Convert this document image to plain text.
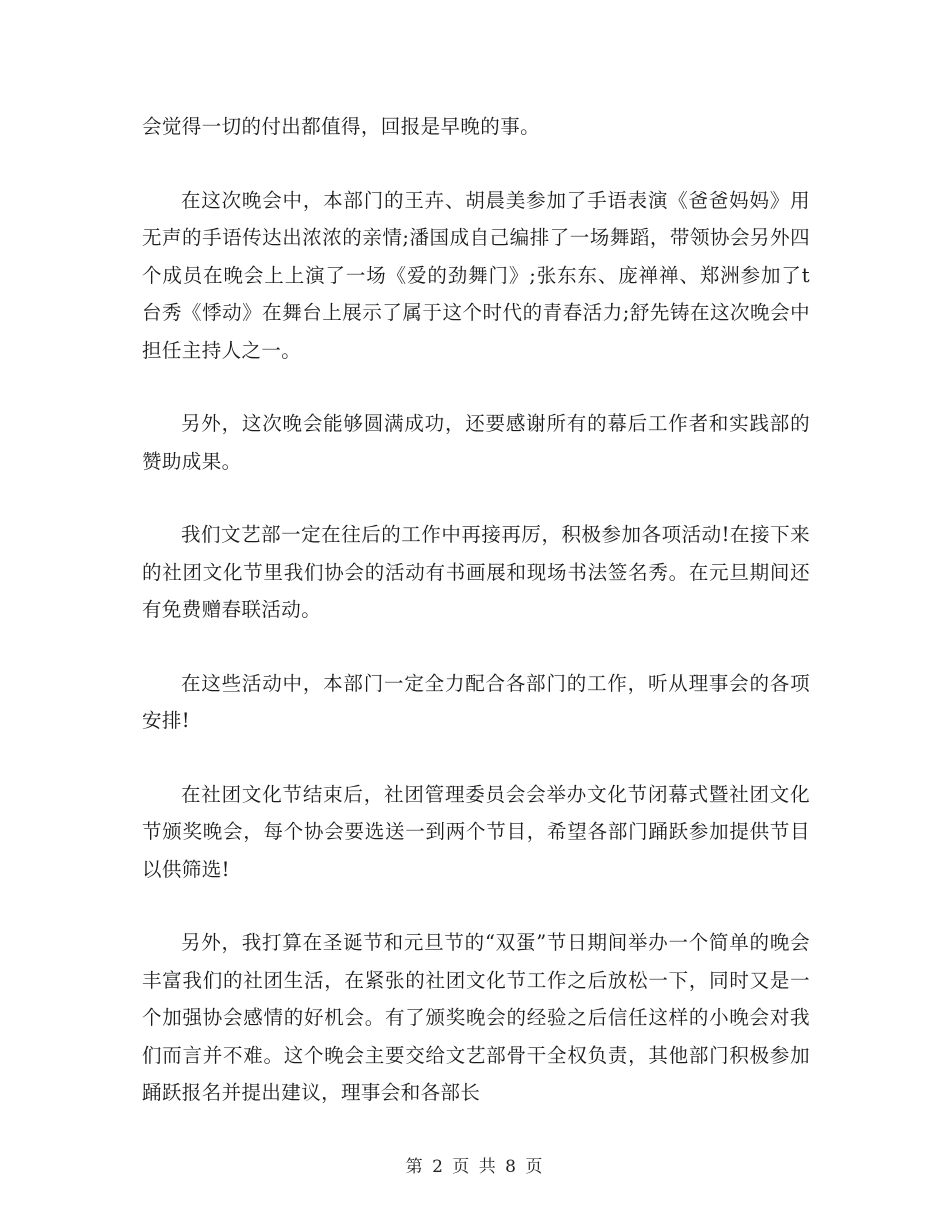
会觉得一切的付出都值得，回报是早晚的事。

在这次晚会中，本部门的王卉、胡晨美参加了手语表演《爸爸妈妈》用无声的手语传达出浓浓的亲情;潘国成自己编排了一场舞蹈，带领协会另外四个成员在晚会上上演了一场《爱的劲舞门》;张东东、庞禅禅、郑洲参加了t台秀《悸动》在舞台上展示了属于这个时代的青春活力;舒先铸在这次晚会中担任主持人之一。

另外，这次晚会能够圆满成功，还要感谢所有的幕后工作者和实践部的赞助成果。

我们文艺部一定在往后的工作中再接再厉，积极参加各项活动!在接下来的社团文化节里我们协会的活动有书画展和现场书法签名秀。在元旦期间还有免费赠春联活动。

在这些活动中，本部门一定全力配合各部门的工作，听从理事会的各项安排!

在社团文化节结束后，社团管理委员会会举办文化节闭幕式暨社团文化节颁奖晚会，每个协会要选送一到两个节目，希望各部门踊跃参加提供节目以供筛选!

另外，我打算在圣诞节和元旦节的“双蛋”节日期间举办一个简单的晚会丰富我们的社团生活，在紧张的社团文化节工作之后放松一下，同时又是一个加强协会感情的好机会。有了颁奖晚会的经验之后信任这样的小晚会对我们而言并不难。这个晚会主要交给文艺部骨干全权负责，其他部门积极参加踊跃报名并提出建议，理事会和各部长

第 2 页 共 8 页
